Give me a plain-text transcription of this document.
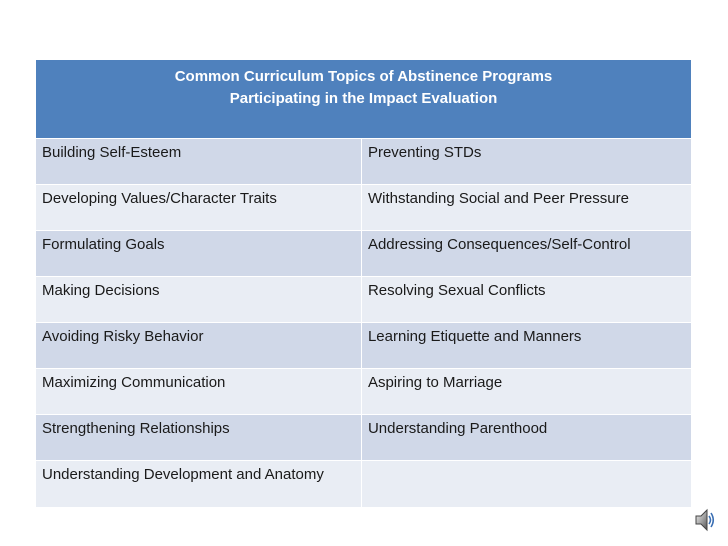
Common Curriculum Topics of Abstinence Programs
Participating in the Impact Evaluation	

Building Self-Esteem	Preventing STDs

Developing Values/Character Traits	Withstanding Social and Peer Pressure

Formulating Goals	Addressing Consequences/Self-Control

Making Decisions	Resolving Sexual Conflicts

Avoiding Risky Behavior	Learning Etiquette and Manners

Maximizing Communication	Aspiring to Marriage

Strengthening Relationships	Understanding Parenthood

Understanding Development and Anatomy	
